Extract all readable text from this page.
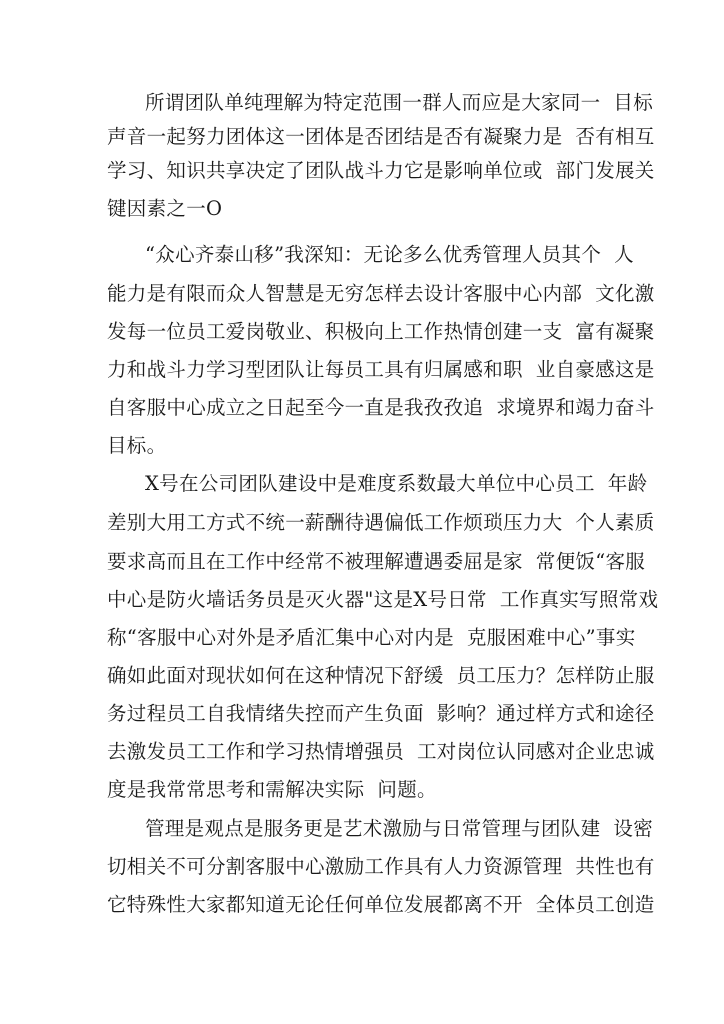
所谓团队单纯理解为特定范围一群人而应是大家同一  目标
声音一起努力团体这一团体是否团结是否有凝聚力是  否有相互
学习、知识共享决定了团队战斗力它是影响单位或  部门发展关
键因素之一O
“众心齐泰山移”我深知：无论多么优秀管理人员其个  人
能力是有限而众人智慧是无穷怎样去设计客服中心内部  文化激
发每一位员工爱岗敬业、积极向上工作热情创建一支  富有凝聚
力和战斗力学习型团队让每员工具有归属感和职  业自豪感这是
自客服中心成立之日起至今一直是我孜孜追  求境界和竭力奋斗
目标。
X号在公司团队建设中是难度系数最大单位中心员工  年龄
差别大用工方式不统一薪酬待遇偏低工作烦琐压力大  个人素质
要求高而且在工作中经常不被理解遭遇委屈是家  常便饭“客服
中心是防火墙话务员是灭火器"这是X号日常  工作真实写照常戏
称“客服中心对外是矛盾汇集中心对内是  克服困难中心”事实
确如此面对现状如何在这种情况下舒缓  员工压力？怎样防止服
务过程员工自我情绪失控而产生负面  影响？通过样方式和途径
去激发员工工作和学习热情增强员  工对岗位认同感对企业忠诚
度是我常常思考和需解决实际  问题。
管理是观点是服务更是艺术激励与日常管理与团队建  设密
切相关不可分割客服中心激励工作具有人力资源管理  共性也有
它特殊性大家都知道无论任何单位发展都离不开  全体员工创造
